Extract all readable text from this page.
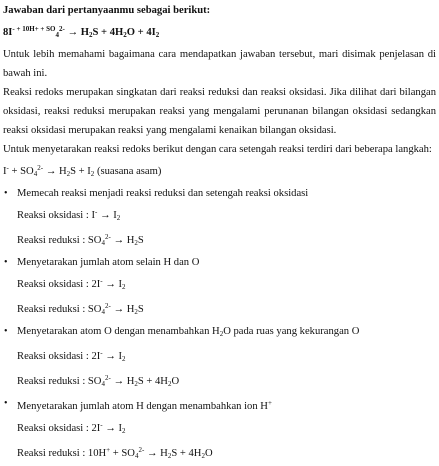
Jawaban dari pertanyaanmu sebagai berikut:
$8I^{- + 10H+ + SO}_4^{2-} \to H_2S + 4H_2O + 4I_2$
Untuk lebih memahami bagaimana cara mendapatkan jawaban tersebut, mari disimak penjelasan di bawah ini.
Reaksi redoks merupakan singkatan dari reaksi reduksi dan reaksi oksidasi. Jika dilihat dari bilangan oksidasi, reaksi reduksi merupakan reaksi yang mengalami perunanan bilangan oksidasi sedangkan reaksi oksidasi merupakan reaksi yang mengalami kenaikan bilangan oksidasi.
Untuk menyetarakan reaksi redoks berikut dengan cara setengah reaksi terdiri dari beberapa langkah:
$I^- + SO_4^{2-} \to H_2S + I_2$ (suasana asam)
• Memecah reaksi menjadi reaksi reduksi dan setengah reaksi oksidasi
Reaksi oksidasi : $I^- \to I_2$
Reaksi reduksi : $SO_4^{2-} \to H_2S$
• Menyetarakan jumlah atom selain H dan O
Reaksi oksidasi : $2I^- \to I_2$
Reaksi reduksi : $SO_4^{2-} \to H_2S$
• Menyetarakan atom O dengan menambahkan $H_2O$ pada ruas yang kekurangan O
Reaksi oksidasi : $2I^- \to I_2$
Reaksi reduksi : $SO_4^{2-} \to H_2S + 4H_2O$
• Menyetarakan jumlah atom H dengan menambahkan ion H+
Reaksi oksidasi : $2I^- \to I_2$
Reaksi reduksi : $10H^+ + SO_4^{2-} \to H_2S + 4H_2O$
